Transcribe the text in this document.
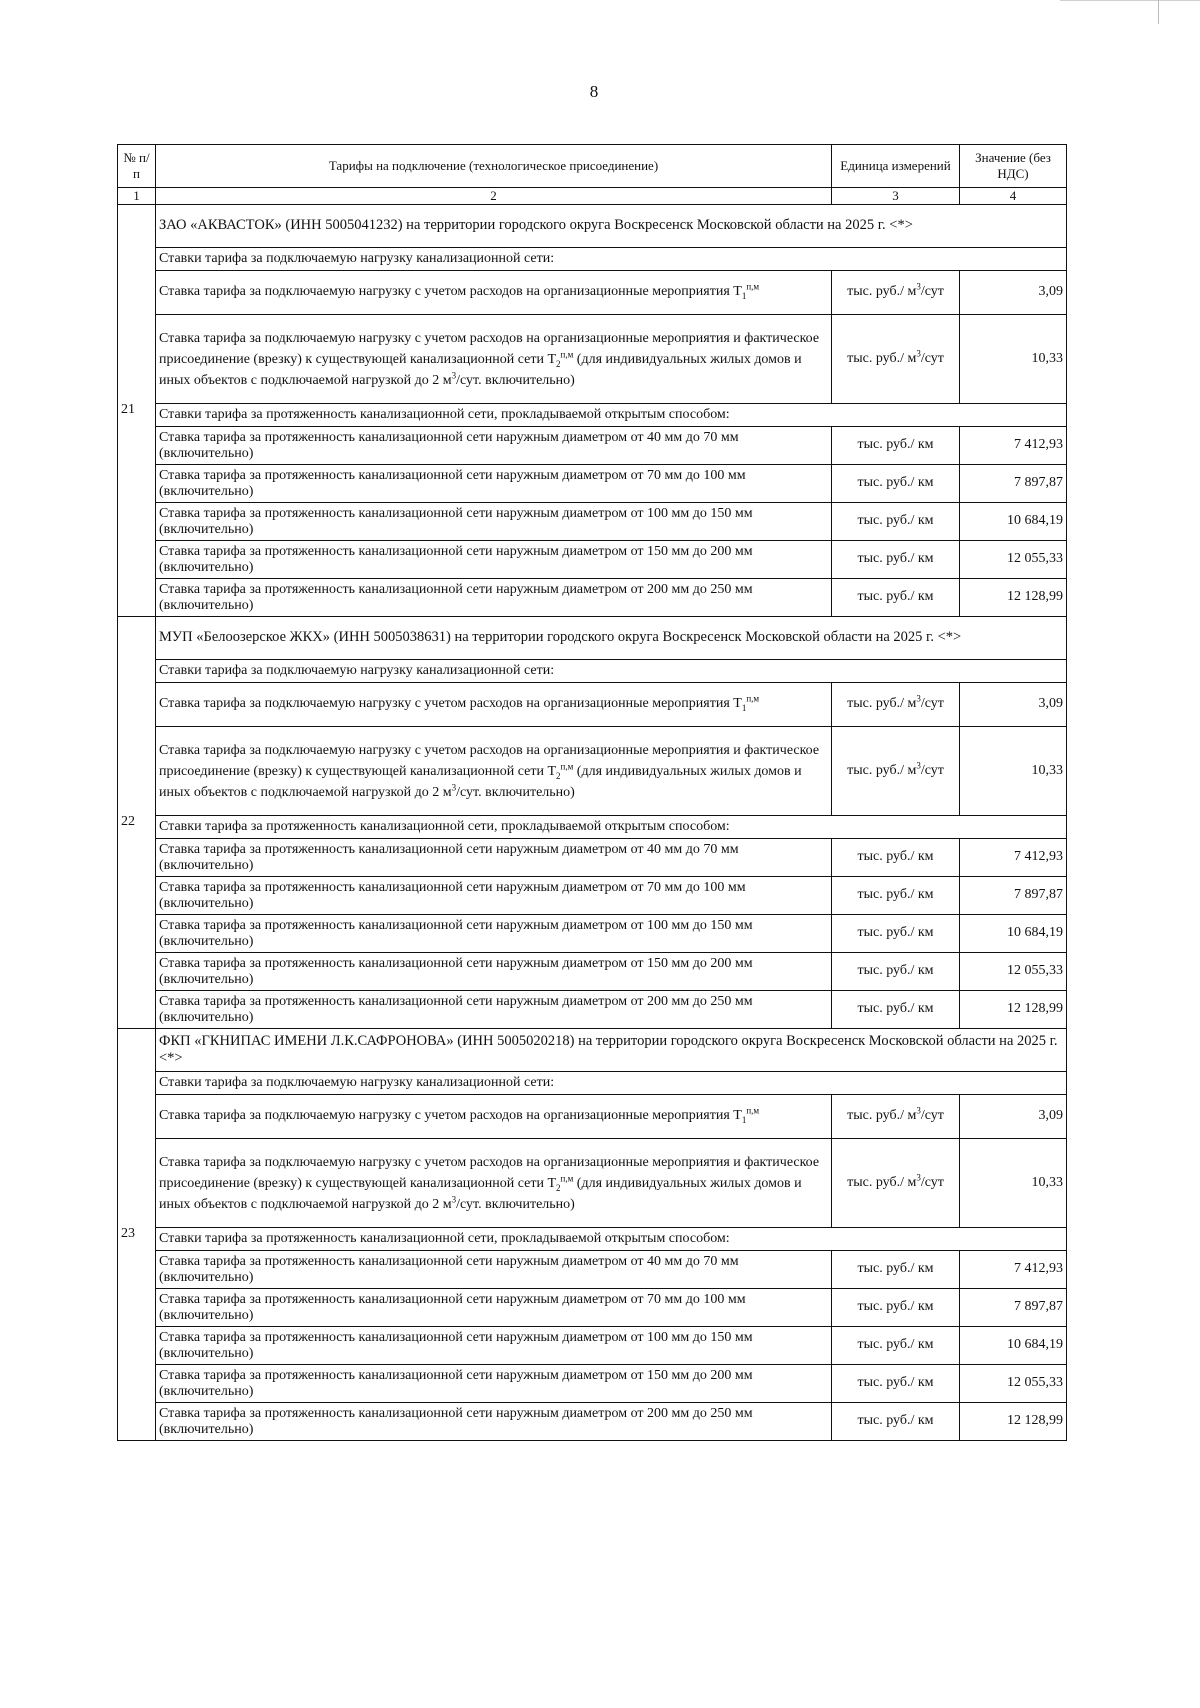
8
№ п/п	Тарифы на подключение (технологическое присоединение)	Единица измерений	Значение (без НДС)
1	2	3	4
21	ЗАО «АКВАСТОК» (ИНН 5005041232) на территории городского округа Воскресенск Московской области на 2025 г. <*>		
	Ставки тарифа за подключаемую нагрузку канализационной сети:		
	Ставка тарифа за подключаемую нагрузку с учетом расходов на организационные мероприятия $T_1^{п,м}$	тыс. руб./ $м^3$/сут	3,09
	Ставка тарифа за подключаемую нагрузку с учетом расходов на организационные мероприятия и фактическое присоединение (врезку) к существующей канализационной сети $T_2^{п,м}$ (для индивидуальных жилых домов и иных объектов с подключаемой нагрузкой до 2 $м^3$/сут. включительно)	тыс. руб./ $м^3$/сут	10,33
	Ставки тарифа за протяженность канализационной сети, прокладываемой открытым способом:		
	Ставка тарифа за протяженность канализационной сети наружным диаметром от 40 мм до 70 мм (включительно)	тыс. руб./ км	7 412,93
	Ставка тарифа за протяженность канализационной сети наружным диаметром от 70 мм до 100 мм (включительно)	тыс. руб./ км	7 897,87
	Ставка тарифа за протяженность канализационной сети наружным диаметром от 100 мм до 150 мм (включительно)	тыс. руб./ км	10 684,19
	Ставка тарифа за протяженность канализационной сети наружным диаметром от 150 мм до 200 мм (включительно)	тыс. руб./ км	12 055,33
	Ставка тарифа за протяженность канализационной сети наружным диаметром от 200 мм до 250 мм (включительно)	тыс. руб./ км	12 128,99
22	МУП «Белоозерское ЖКХ» (ИНН 5005038631) на территории городского округа Воскресенск Московской области на 2025 г. <*>		
	Ставки тарифа за подключаемую нагрузку канализационной сети:		
	Ставка тарифа за подключаемую нагрузку с учетом расходов на организационные мероприятия $T_1^{п,м}$	тыс. руб./ $м^3$/сут	3,09
	Ставка тарифа за подключаемую нагрузку с учетом расходов на организационные мероприятия и фактическое присоединение (врезку) к существующей канализационной сети $T_2^{п,м}$ (для индивидуальных жилых домов и иных объектов с подключаемой нагрузкой до 2 $м^3$/сут. включительно)	тыс. руб./ $м^3$/сут	10,33
	Ставки тарифа за протяженность канализационной сети, прокладываемой открытым способом:		
	Ставка тарифа за протяженность канализационной сети наружным диаметром от 40 мм до 70 мм (включительно)	тыс. руб./ км	7 412,93
	Ставка тарифа за протяженность канализационной сети наружным диаметром от 70 мм до 100 мм (включительно)	тыс. руб./ км	7 897,87
	Ставка тарифа за протяженность канализационной сети наружным диаметром от 100 мм до 150 мм (включительно)	тыс. руб./ км	10 684,19
	Ставка тарифа за протяженность канализационной сети наружным диаметром от 150 мм до 200 мм (включительно)	тыс. руб./ км	12 055,33
	Ставка тарифа за протяженность канализационной сети наружным диаметром от 200 мм до 250 мм (включительно)	тыс. руб./ км	12 128,99
23	ФКП «ГКНИПАС ИМЕНИ Л.К.САФРОНОВА» (ИНН 5005020218) на территории городского округа Воскресенск Московской области на 2025 г. <*>		
	Ставки тарифа за подключаемую нагрузку канализационной сети:		
	Ставка тарифа за подключаемую нагрузку с учетом расходов на организационные мероприятия $T_1^{п,м}$	тыс. руб./ $м^3$/сут	3,09
	Ставка тарифа за подключаемую нагрузку с учетом расходов на организационные мероприятия и фактическое присоединение (врезку) к существующей канализационной сети $T_2^{п,м}$ (для индивидуальных жилых домов и иных объектов с подключаемой нагрузкой до 2 $м^3$/сут. включительно)	тыс. руб./ $м^3$/сут	10,33
	Ставки тарифа за протяженность канализационной сети, прокладываемой открытым способом:		
	Ставка тарифа за протяженность канализационной сети наружным диаметром от 40 мм до 70 мм (включительно)	тыс. руб./ км	7 412,93
	Ставка тарифа за протяженность канализационной сети наружным диаметром от 70 мм до 100 мм (включительно)	тыс. руб./ км	7 897,87
	Ставка тарифа за протяженность канализационной сети наружным диаметром от 100 мм до 150 мм (включительно)	тыс. руб./ км	10 684,19
	Ставка тарифа за протяженность канализационной сети наружным диаметром от 150 мм до 200 мм (включительно)	тыс. руб./ км	12 055,33
	Ставка тарифа за протяженность канализационной сети наружным диаметром от 200 мм до 250 мм (включительно)	тыс. руб./ км	12 128,99
